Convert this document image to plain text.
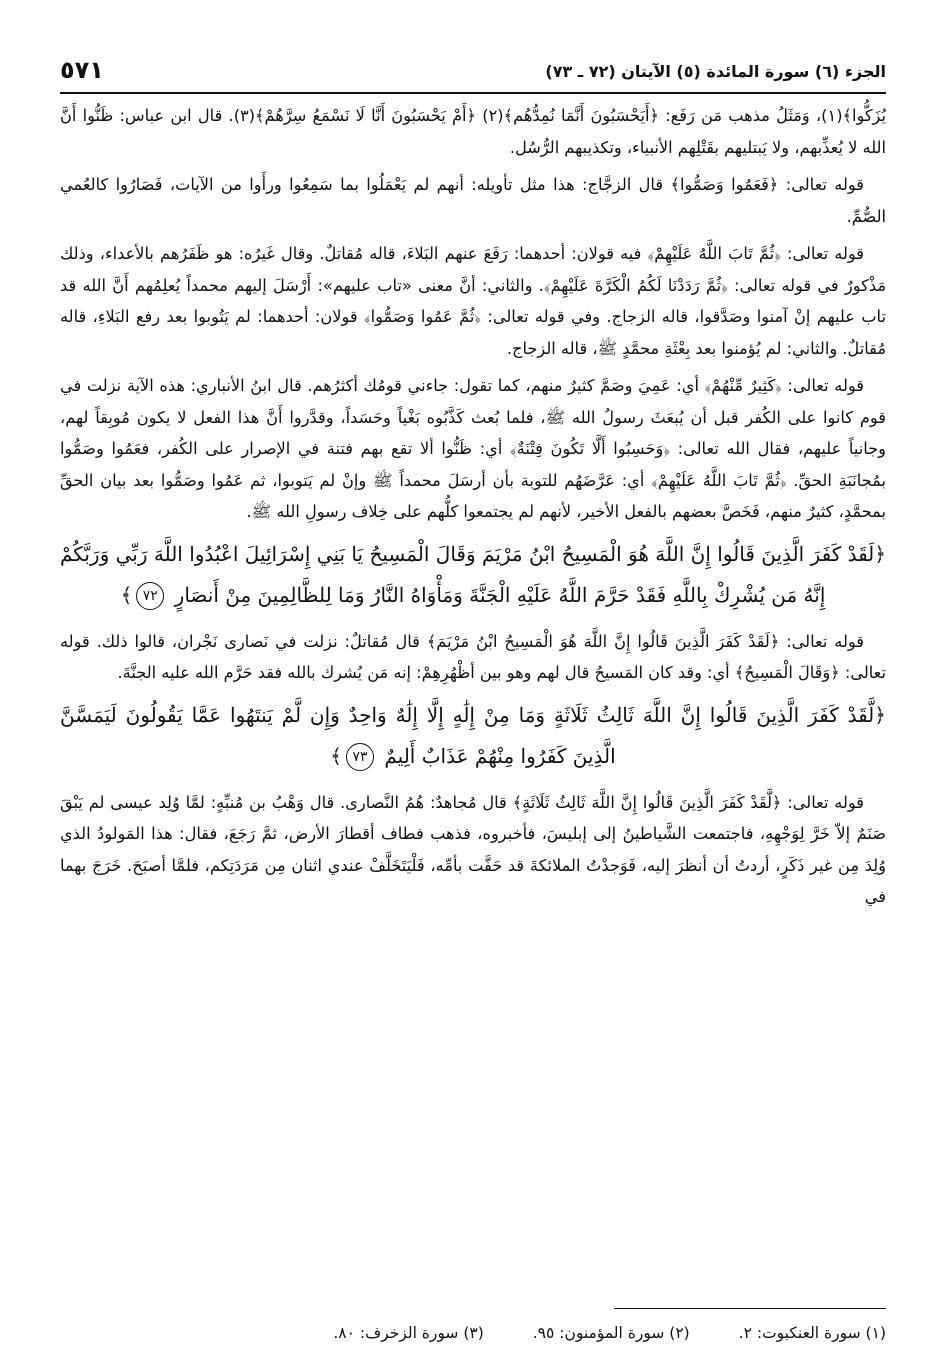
الجزء (٦) سورة المائدة (٥) الآيتان (٧٢ ـ ٧٣)
٥٧١

يُزَكُّوا﴾(١)، وَمَثَلُ مذهب مَن رَفَع: ﴿أَيَحْسَبُونَ أَنَّمَا نُمِدُّهُم﴾(٢) ﴿أَمْ يَحْسَبُونَ أَنَّا لَا نَسْمَعُ سِرَّهُمْ﴾(٣). قال ابن عباس: ظَنُّوا أَنَّ الله لا يُعذِّبهم، ولا يَبتليهم بقَتْلِهم الأنبياء، وتكذيبهم الرُّسُل.

قوله تعالى: ﴿فَعَمُوا وَصَمُّوا﴾ قال الزجَّاج: هذا مثل تأويله: أنهم لم يَعْمَلُوا بما سَمِعُوا ورأَوا من الآيات، فَصَارُوا كالعُمي الصُّمِّ.

قوله تعالى: ﴿ثُمَّ تَابَ اللَّهُ عَلَيْهِمْ﴾ فيه قولان: أحدهما: رَفَعَ عنهم البَلاءَ، قاله مُقاتلٌ. وقال غَيرُه: هو ظَفَرُهم بالأعداء، وذلك مَذْكورٌ في قوله تعالى: ﴿ثُمَّ رَدَدْنَا لَكُمُ الْكَرَّةَ عَلَيْهِمْ﴾. والثاني: أنَّ معنى «تاب عليهم»: أَرْسَلَ إليهم محمداً يُعلِمُهم أَنَّ الله قد تاب عليهم إنْ آمنوا وصَدَّقوا، قاله الزجاج. وفي قوله تعالى: ﴿ثُمَّ عَمُوا وَصَمُّوا﴾ قولان: أحدهما: لم يَتُوبوا بعد رفع البَلاءِ، قاله مُقاتلٌ. والثاني: لم يُؤمنوا بعد بِعْثَةِ محمَّدٍ ﷺ، قاله الزجاج.

قوله تعالى: ﴿كَثِيرٌ مِّنْهُمْ﴾ أي: عَمِيَ وصَمَّ كثيرٌ منهم، كما تقول: جاءني قومُك أكثرُهم. قال ابنُ الأنباري: هذه الآية نزلت في قوم كانوا على الكُفر قبل أن يُبعَثَ رسولُ الله ﷺ، فلما بُعث كَذَّبُوه بَغْياً وحَسَداً، وقدَّروا أَنَّ هذا الفعل لا يكون مُوبِقاً لهم، وجانياً عليهم، فقال الله تعالى: ﴿وَحَسِبُوا أَلَّا تَكُونَ فِتْنَةٌ﴾ أي: ظَنُّوا ألا تقع بهم فتنة في الإصرار على الكُفر، فعَمُوا وصَمُّوا بمُجانَبَةِ الحقِّ. ﴿ثُمَّ تَابَ اللَّهُ عَلَيْهِمْ﴾ أي: عَرَّضَهُم للتوبة بأن أرسَلَ محمداً ﷺ وإنْ لم يَتوبوا، ثم عَمُوا وصَمُّوا بعد بيان الحقِّ بمحمَّدٍ، كثيرٌ منهم، فَخَصَّ بعضهم بالفعل الأخير، لأنهم لم يجتمعوا كلُّهم على خِلاف رسولِ الله ﷺ.

﴿لَقَدْ كَفَرَ الَّذِينَ قَالُوا إِنَّ اللَّهَ هُوَ الْمَسِيحُ ابْنُ مَرْيَمَ وَقَالَ الْمَسِيحُ يَا بَنِي إِسْرَائِيلَ اعْبُدُوا اللَّهَ رَبِّي وَرَبَّكُمْ إِنَّهُ مَن يُشْرِكْ بِاللَّهِ فَقَدْ حَرَّمَ اللَّهُ عَلَيْهِ الْجَنَّةَ وَمَأْوَاهُ النَّارُ وَمَا لِلظَّالِمِينَ مِنْ أَنصَارٍ ٧٢﴾

قوله تعالى: ﴿لَقَدْ كَفَرَ الَّذِينَ قَالُوا إِنَّ اللَّهَ هُوَ الْمَسِيحُ ابْنُ مَرْيَمَ﴾ قال مُقاتلٌ: نزلت في نَصارى نَجْران، قالوا ذلك. قوله تعالى: ﴿وَقَالَ الْمَسِيحُ﴾ أي: وقد كان المَسيحُ قال لهم وهو بين أظْهُرِهِمْ: إنه مَن يُشرك بالله فقد حَرَّم الله عليه الجنَّةَ.

﴿لَّقَدْ كَفَرَ الَّذِينَ قَالُوا إِنَّ اللَّهَ ثَالِثُ ثَلَاثَةٍ وَمَا مِنْ إِلَٰهٍ إِلَّا إِلَٰهٌ وَاحِدٌ وَإِن لَّمْ يَنتَهُوا عَمَّا يَقُولُونَ لَيَمَسَّنَّ الَّذِينَ كَفَرُوا مِنْهُمْ عَذَابٌ أَلِيمٌ ٧٣﴾

قوله تعالى: ﴿لَّقَدْ كَفَرَ الَّذِينَ قَالُوا إِنَّ اللَّهَ ثَالِثُ ثَلَاثَةٍ﴾ قال مُجاهدٌ: هُمُ النَّصارى. قال وَهْبُ بن مُنبِّهٍ: لمَّا وُلِد عيسى لم يَبْقَ صَنَمٌ إلاّ خَرَّ لِوَجْهِهِ، فاجتمعت الشَّياطينُ إلى إبليسَ، فأخبروه، فذهب فطاف أقطارَ الأرض، ثمَّ رَجَعَ، فقال: هذا المَولودُ الذي وُلِدَ مِن غير ذَكَرٍ، أردتُ أن أنظرَ إليه، فَوَجدْتُ الملائكةَ قد حَفَّت بأمِّه، فَلْيَتَخَلَّفْ عندي اثنان مِن مَرَدَتِكم، فلمَّا أصبَحَ. خَرَجَ بهما في

(١) سورة العنكبوت: ٢. (٢) سورة المؤمنون: ٩٥. (٣) سورة الزخرف: ٨٠.
